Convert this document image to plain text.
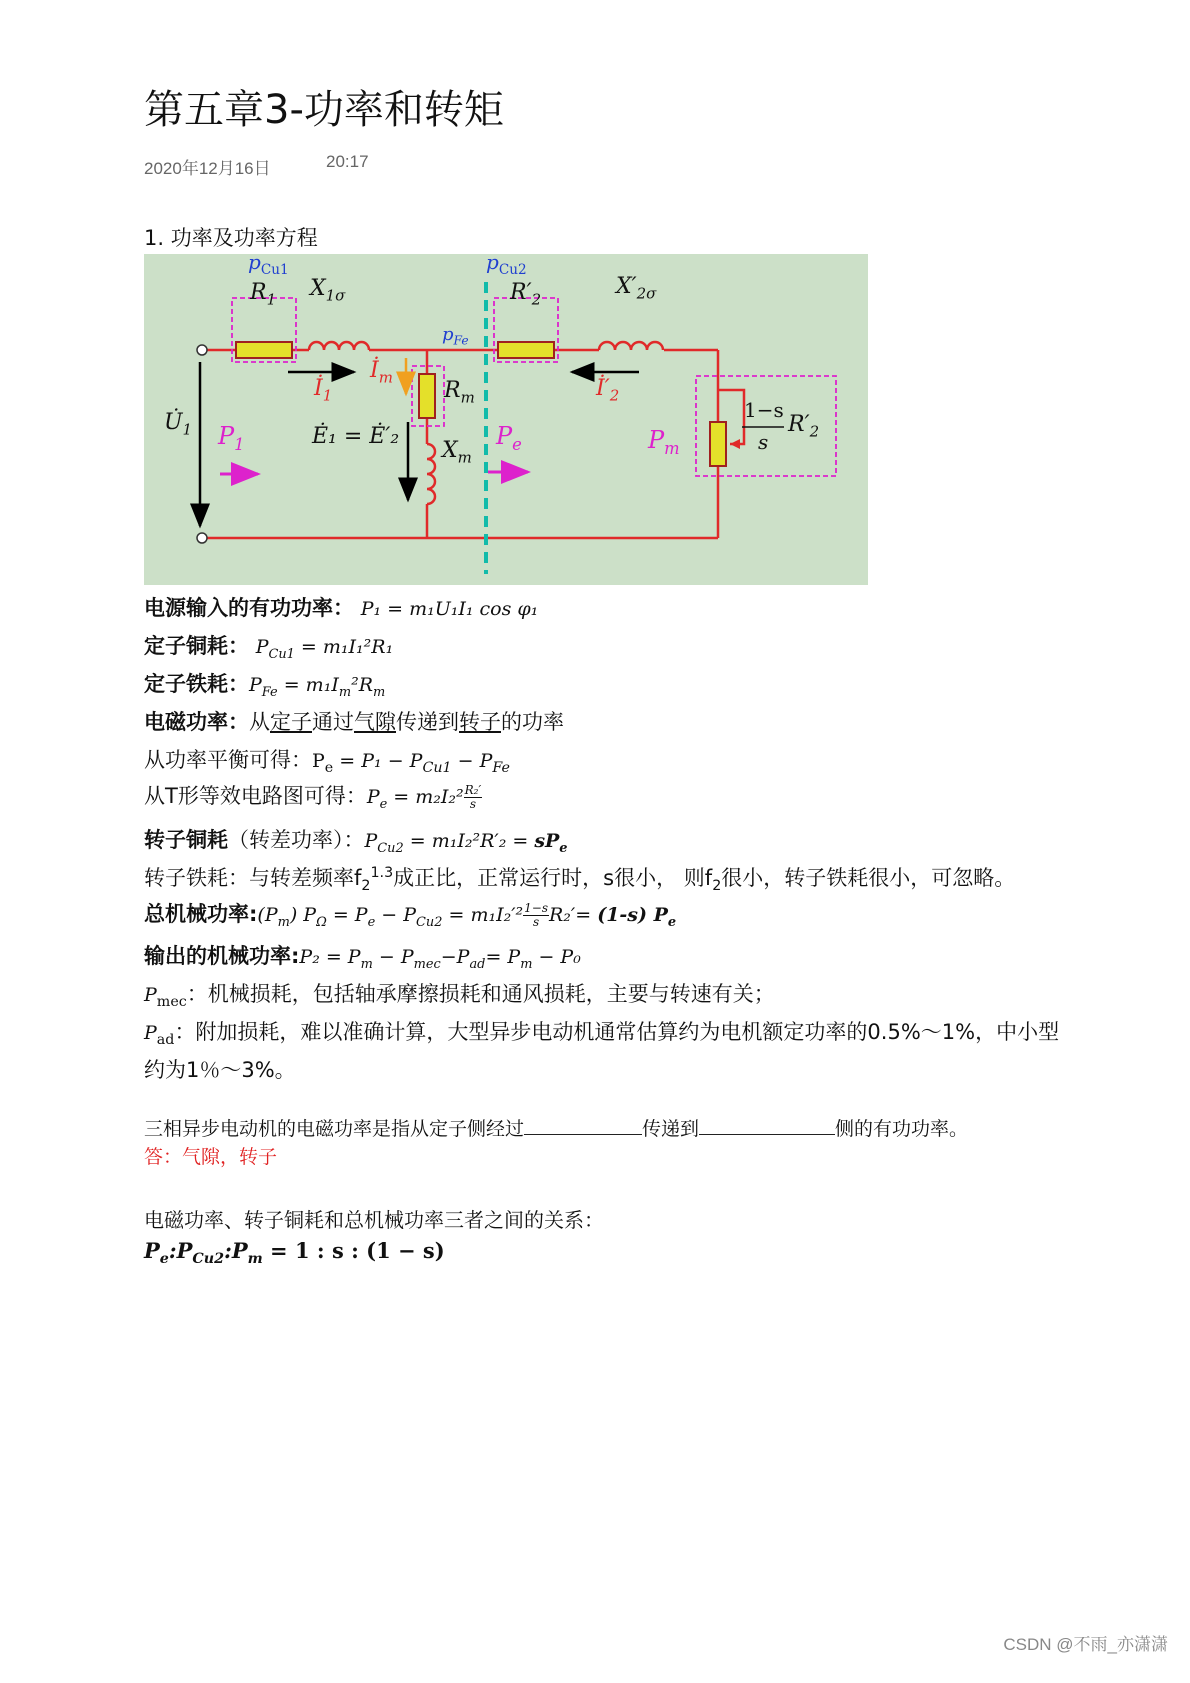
第五章3-功率和转矩
2020年12月16日	20:17
1. 功率及功率方程
$p_{Cu1}$
$R_1$ $X_{1\sigma}$
$p_{Cu2}$
$R'_2$
$X'_{2\sigma}$
$U̇_1$ $P_1$
$İ_1$
$İ_m$
$p_{Fe}$
$R_m$
Ė₁ = Ė′₂
$X_m$
$P_e$
$İ'_2$
$P_m$
1−s
s
$R'_2$
电源输入的有功功率： P₁ = m₁U₁I₁ cos φ₁
定子铜耗： $P_{Cu1} = m_1I_1^2R_1$
定子铁耗：$P_{Fe} = m_1I_m^2R_m$
电磁功率：从定子通过气隙传递到转子的功率
从功率平衡可得：$P_e = P_1 - P_{Cu1} - P_{Fe}$
从T形等效电路图可得：$P_e = m_2I_2^2 \frac{\text{R₂′}}{s}$
转子铜耗（转差功率）：$P_{Cu2} = m_1I_2^2R'_2 = sP_e$
转子铁耗：与转差频率$f_2^{1.3}$成正比，正常运行时，s很小， 则$f_2$很小，转子铁耗很小，可忽略。
总机械功率$:(P_m) P_\Omega = P_e - P_{Cu2} = m_1I_2'^2 \frac{1-s}{s} R_2'= (1-s)$ $P_e$
输出的机械功率:P₂ = $P_m - P_{mec}-P_{ad}= P_m - P_0$
$P_{mec}$：机械损耗，包括轴承摩擦损耗和通风损耗，主要与转速有关；
$P_{ad}$：附加损耗，难以准确计算，大型异步电动机通常估算约为电机额定功率的0.5%～1%，中小型
约为1％～3%。
三相异步电动机的电磁功率是指从定子侧经过	传递到	侧的有功功率。
答：气隙，转子
电磁功率、转子铜耗和总机械功率三者之间的关系：
$P_e:P_{Cu2}:P_m = 1$ : s : (1 − s)
CSDN @不雨_亦潇潇
